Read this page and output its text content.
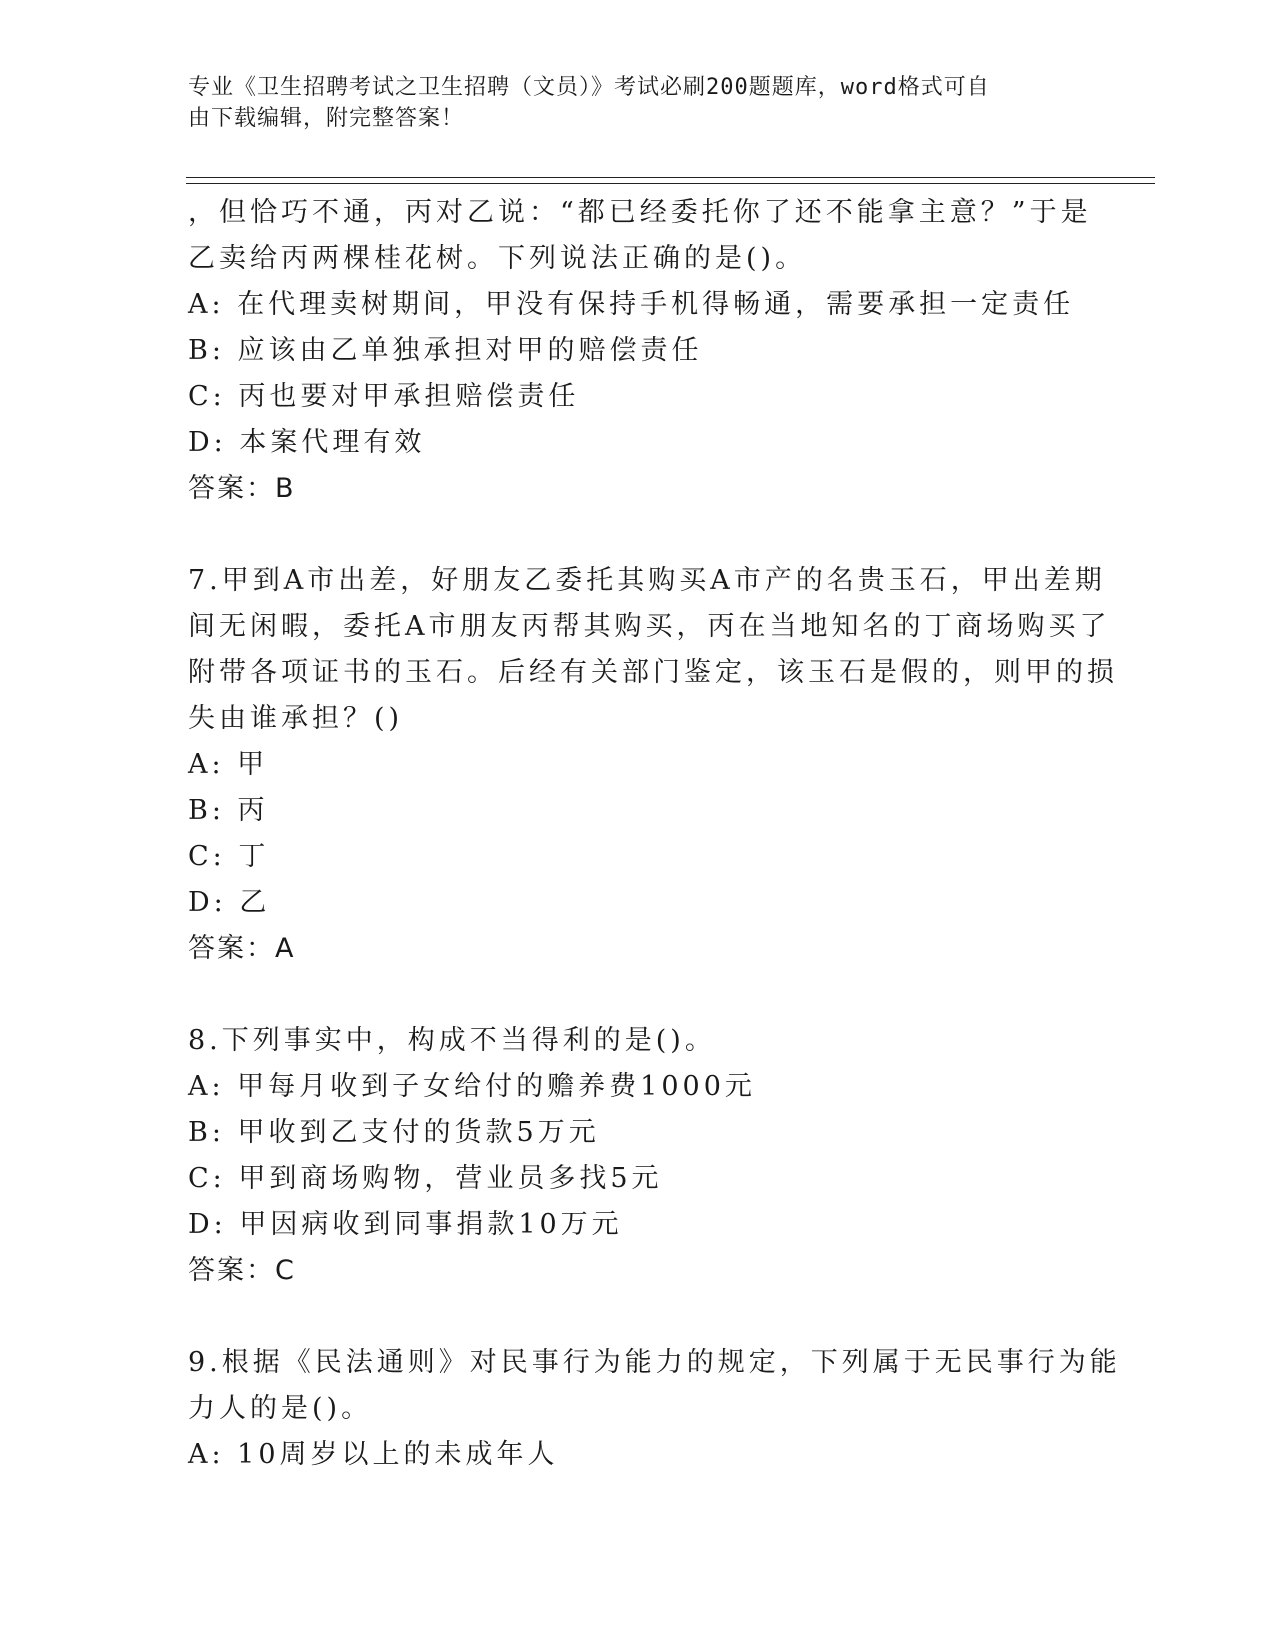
专业《卫生招聘考试之卫生招聘（文员）》考试必刷200题题库，word格式可自
由下载编辑，附完整答案！
，但恰巧不通，丙对乙说：“都已经委托你了还不能拿主意？”于是
乙卖给丙两棵桂花树。下列说法正确的是()。
A: 在代理卖树期间，甲没有保持手机得畅通，需要承担一定责任
B: 应该由乙单独承担对甲的赔偿责任
C: 丙也要对甲承担赔偿责任
D: 本案代理有效
答案：B
7.甲到A市出差，好朋友乙委托其购买A市产的名贵玉石，甲出差期
间无闲暇，委托A市朋友丙帮其购买，丙在当地知名的丁商场购买了
附带各项证书的玉石。后经有关部门鉴定，该玉石是假的，则甲的损
失由谁承担？()
A: 甲
B: 丙
C: 丁
D: 乙
答案：A
8.下列事实中，构成不当得利的是()。
A: 甲每月收到子女给付的赡养费1000元
B: 甲收到乙支付的货款5万元
C: 甲到商场购物，营业员多找5元
D: 甲因病收到同事捐款10万元
答案：C
9.根据《民法通则》对民事行为能力的规定，下列属于无民事行为能
力人的是()。
A: 10周岁以上的未成年人
